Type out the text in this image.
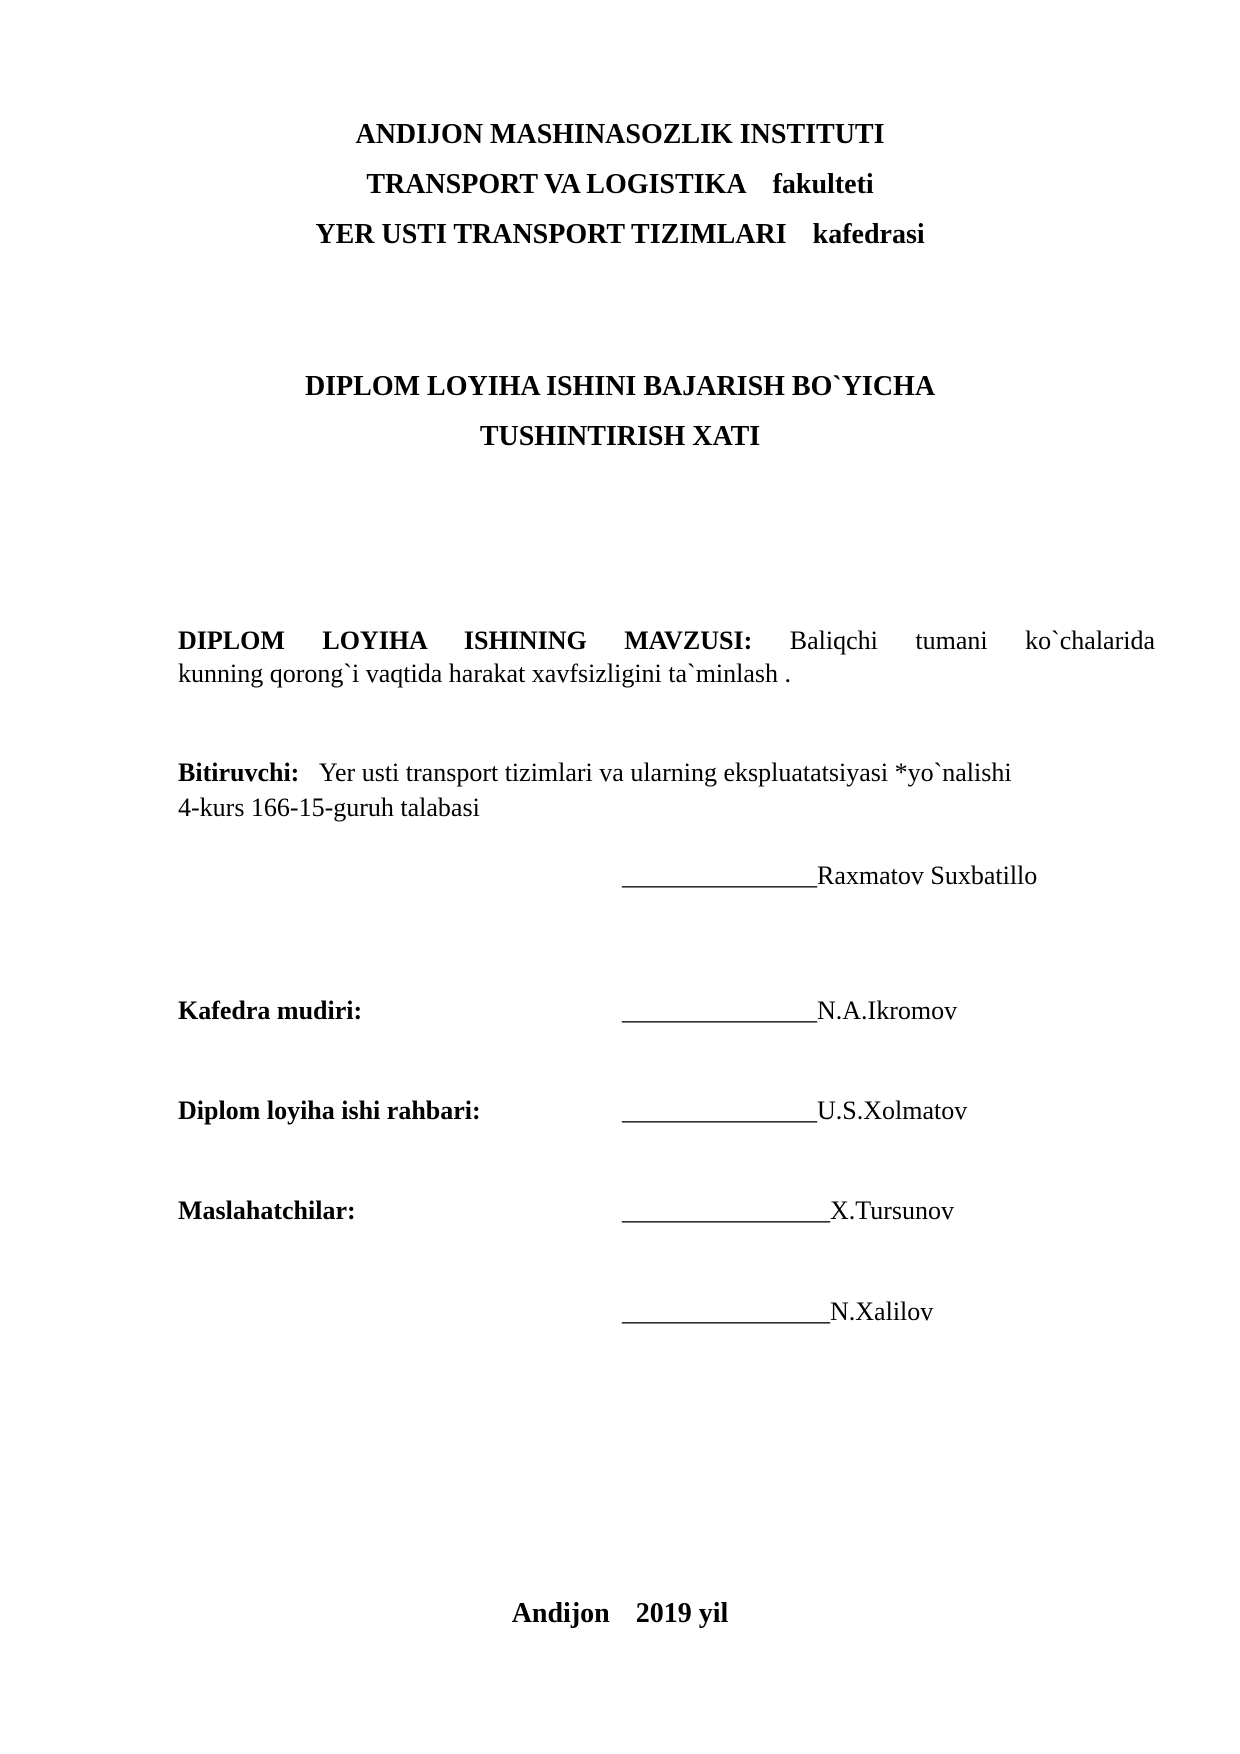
ANDIJON MASHINASOZLIK INSTITUTI

TRANSPORT VA LOGISTIKA fakulteti

YER USTI TRANSPORT TIZIMLARI kafedrasi

DIPLOM LOYIHA ISHINI BAJARISH BO`YICHA

TUSHINTIRISH XATI

DIPLOM LOYIHA ISHINING MAVZUSI: Baliqchi tumani ko`chalarida

kunning qorong`i vaqtida harakat xavfsizligini ta`minlash .

Bitiruvchi: Yer usti transport tizimlari va ularning ekspluatatsiyasi *yo`nalishi

4-kurs 166-15-guruh talabasi

_______________Raxmatov Suxbatillo

Kafedra mudiri:	_______________N.A.Ikromov

Diplom loyiha ishi rahbari:	_______________U.S.Xolmatov

Maslahatchilar:	________________X.Tursunov

________________N.Xalilov

Andijon 2019 yil
